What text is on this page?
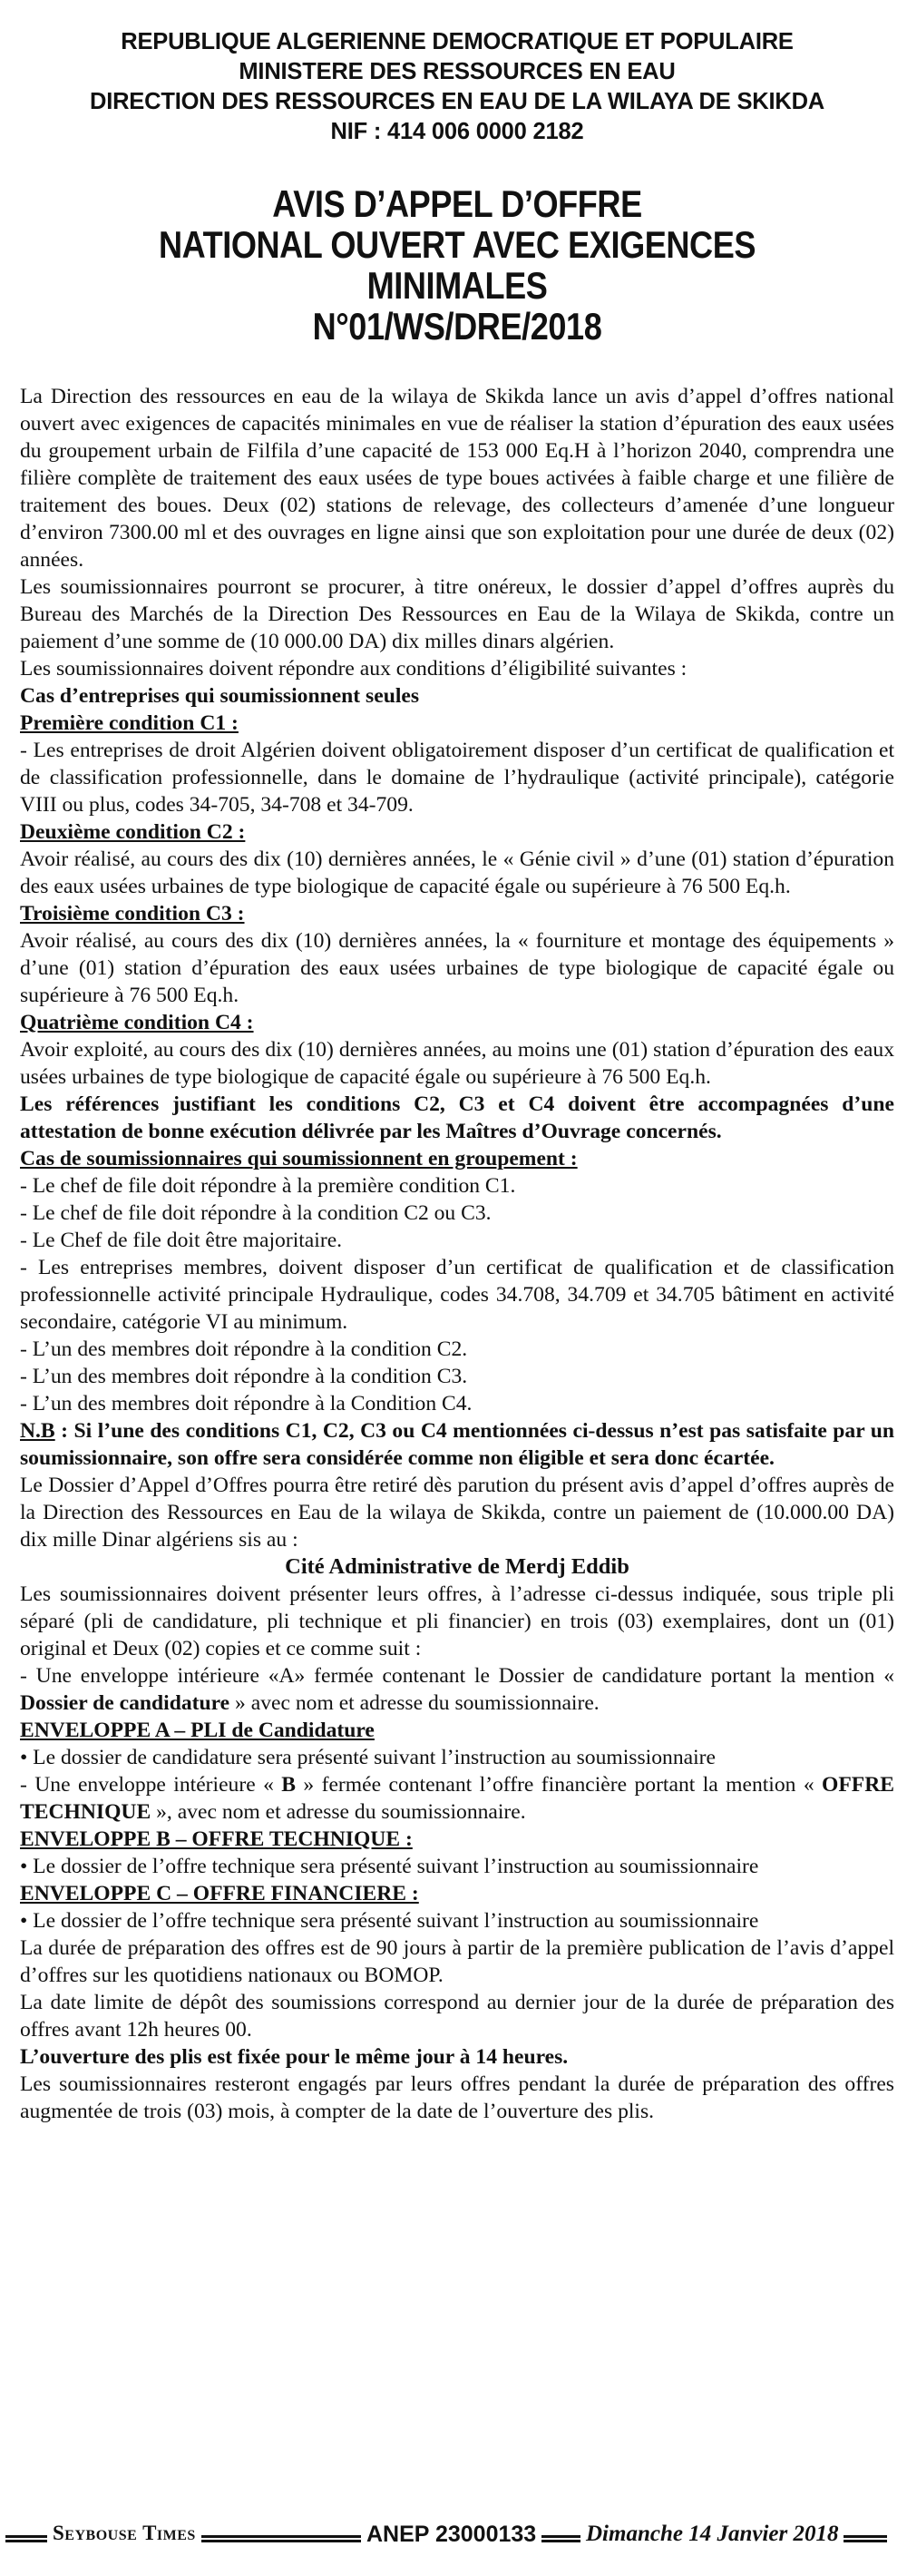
REPUBLIQUE ALGERIENNE DEMOCRATIQUE ET POPULAIRE
MINISTERE DES RESSOURCES EN EAU
DIRECTION DES RESSOURCES EN EAU DE LA WILAYA DE SKIKDA
NIF : 414 006 0000 2182
AVIS D’APPEL D’OFFRE
NATIONAL OUVERT AVEC EXIGENCES MINIMALES
N°01/WS/DRE/2018

La Direction des ressources en eau de la wilaya de Skikda lance un avis d’appel d’offres national ouvert avec exigences de capacités minimales en vue de réaliser la station d’épuration des eaux usées du groupement urbain de Filfila d’une capacité de 153 000 Eq.H à l’horizon 2040, comprendra une filière complète de traitement des eaux usées de type boues activées à faible charge et une filière de traitement des boues. Deux (02) stations de relevage, des collecteurs d’amenée d’une longueur d’environ 7300.00 ml et des ouvrages en ligne ainsi que son exploitation pour une durée de deux (02) années.

Les soumissionnaires pourront se procurer, à titre onéreux, le dossier d’appel d’offres auprès du Bureau des Marchés de la Direction Des Ressources en Eau de la Wilaya de Skikda, contre un paiement d’une somme de (10 000.00 DA) dix milles dinars algérien.

Les soumissionnaires doivent répondre aux conditions d’éligibilité suivantes :

Cas d’entreprises qui soumissionnent seules

Première condition C1 :

- Les entreprises de droit Algérien doivent obligatoirement disposer d’un certificat de qualification et de classification professionnelle, dans le domaine de l’hydraulique (activité principale), catégorie VIII ou plus, codes 34-705, 34-708 et 34-709.

Deuxième condition C2 :

Avoir réalisé, au cours des dix (10) dernières années, le « Génie civil » d’une (01) station d’épuration des eaux usées urbaines de type biologique de capacité égale ou supérieure à 76 500 Eq.h.

Troisième condition C3 :

Avoir réalisé, au cours des dix (10) dernières années, la « fourniture et montage des équipements » d’une (01) station d’épuration des eaux usées urbaines de type biologique de capacité égale ou supérieure à 76 500 Eq.h.

Quatrième condition C4 :

Avoir exploité, au cours des dix (10) dernières années, au moins une (01) station d’épuration des eaux usées urbaines de type biologique de capacité égale ou supérieure à 76 500 Eq.h.

Les références justifiant les conditions C2, C3 et C4 doivent être accompagnées d’une attestation de bonne exécution délivrée par les Maîtres d’Ouvrage concernés.

Cas de soumissionnaires qui soumissionnent en groupement :

- Le chef de file doit répondre à la première condition C1.

- Le chef de file doit répondre à la condition C2 ou C3.

- Le Chef de file doit être majoritaire.

- Les entreprises membres, doivent disposer d’un certificat de qualification et de classification professionnelle activité principale Hydraulique, codes 34.708, 34.709 et 34.705 bâtiment en activité secondaire, catégorie VI au minimum.

- L’un des membres doit répondre à la condition C2.

- L’un des membres doit répondre à la condition C3.

- L’un des membres doit répondre à la Condition C4.

N.B : Si l’une des conditions C1, C2, C3 ou C4 mentionnées ci-dessus n’est pas satisfaite par un soumissionnaire, son offre sera considérée comme non éligible et sera donc écartée.

Le Dossier d’Appel d’Offres pourra être retiré dès parution du présent avis d’appel d’offres auprès de la Direction des Ressources en Eau de la wilaya de Skikda, contre un paiement de (10.000.00 DA) dix mille Dinar algériens sis au :

Cité Administrative de Merdj Eddib

Les soumissionnaires doivent présenter leurs offres, à l’adresse ci-dessus indiquée, sous triple pli séparé (pli de candidature, pli technique et pli financier) en trois (03) exemplaires, dont un (01) original et Deux (02) copies et ce comme suit :

- Une enveloppe intérieure «A» fermée contenant le Dossier de candidature portant la mention « Dossier de candidature » avec nom et adresse du soumissionnaire.

ENVELOPPE A – PLI de Candidature

• Le dossier de candidature sera présenté suivant l’instruction au soumissionnaire

- Une enveloppe intérieure « B » fermée contenant l’offre financière portant la mention « OFFRE TECHNIQUE », avec nom et adresse du soumissionnaire.

ENVELOPPE B – OFFRE TECHNIQUE :

• Le dossier de l’offre technique sera présenté suivant l’instruction au soumissionnaire

ENVELOPPE C – OFFRE FINANCIERE :

• Le dossier de l’offre technique sera présenté suivant l’instruction au soumissionnaire

La durée de préparation des offres est de 90 jours à partir de la première publication de l’avis d’appel d’offres sur les quotidiens nationaux ou BOMOP.

La date limite de dépôt des soumissions correspond au dernier jour de la durée de préparation des offres avant 12h heures 00.

L’ouverture des plis est fixée pour le même jour à 14 heures.

Les soumissionnaires resteront engagés par leurs offres pendant la durée de préparation des offres augmentée de trois (03) mois, à compter de la date de l’ouverture des plis.

Seybouse Times	ANEP 23000133 Dimanche 14 Janvier 2018
